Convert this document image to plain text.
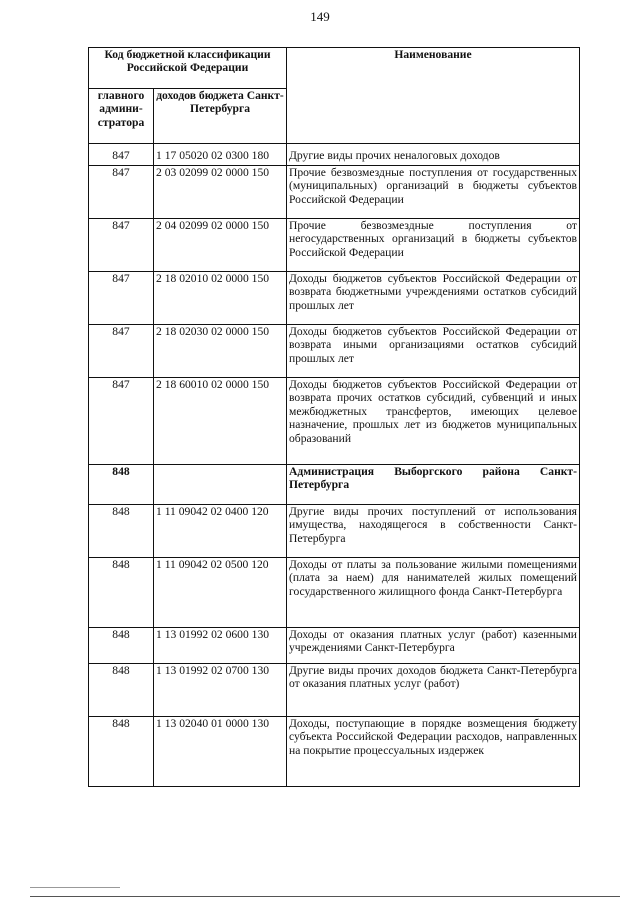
149
Код бюджетной классификации Российской Федерации		Наименование
главного админи-стратора	доходов бюджета Санкт-Петербурга	
847	1 17 05020 02 0300 180	Другие виды прочих неналоговых доходов
847	2 03 02099 02 0000 150	Прочие безвозмездные поступления от государственных (муниципальных) организаций в бюджеты субъектов Российской Федерации
847	2 04 02099 02 0000 150	Прочие безвозмездные поступления от негосударственных организаций в бюджеты субъектов Российской Федерации
847	2 18 02010 02 0000 150	Доходы бюджетов субъектов Российской Федерации от возврата бюджетными учреждениями остатков субсидий прошлых лет
847	2 18 02030 02 0000 150	Доходы бюджетов субъектов Российской Федерации от возврата иными организациями остатков субсидий прошлых лет
847	2 18 60010 02 0000 150	Доходы бюджетов субъектов Российской Федерации от возврата прочих остатков субсидий, субвенций и иных межбюджетных трансфертов, имеющих целевое назначение, прошлых лет из бюджетов муниципальных образований
848		Администрация Выборгского района Санкт-Петербурга
848	1 11 09042 02 0400 120	Другие виды прочих поступлений от использования имущества, находящегося в собственности Санкт-Петербурга
848	1 11 09042 02 0500 120	Доходы от платы за пользование жилыми помещениями (плата за наем) для нанимателей жилых помещений государственного жилищного фонда Санкт-Петербурга
848	1 13 01992 02 0600 130	Доходы от оказания платных услуг (работ) казенными учреждениями Санкт-Петербурга
848	1 13 01992 02 0700 130	Другие виды прочих доходов бюджета Санкт-Петербурга от оказания платных услуг (работ)
848	1 13 02040 01 0000 130	Доходы, поступающие в порядке возмещения бюджету субъекта Российской Федерации расходов, направленных на покрытие процессуальных издержек
